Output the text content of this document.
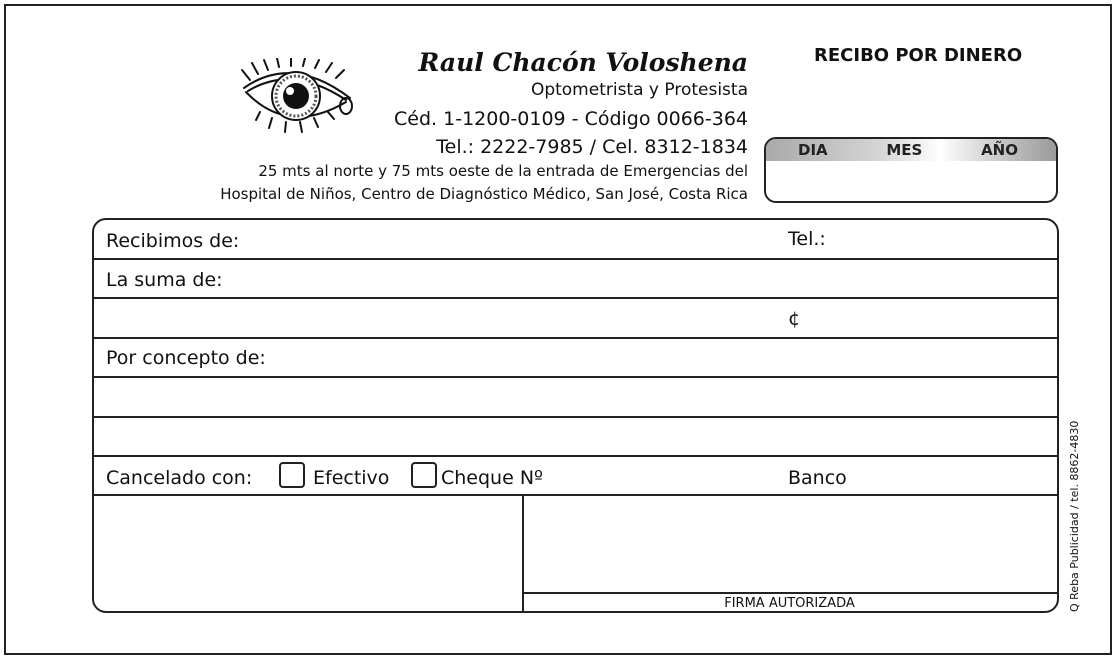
Raul Chacón Voloshena
Optometrista y Protesista
Céd. 1-1200-0109 - Código 0066-364
Tel.: 2222-7985 / Cel. 8312-1834
25 mts al norte y 75 mts oeste de la entrada de Emergencias del
Hospital de Niños, Centro de Diagnóstico Médico, San José, Costa Rica
RECIBO POR DINERO
DIA	MES	AÑO
Recibimos de:	Tel.:
La suma de:
¢
Por concepto de:
Cancelado con:	Efectivo	Cheque Nº	Banco
FIRMA AUTORIZADA	Q Reba Publicidad / tel. 8862-4830
